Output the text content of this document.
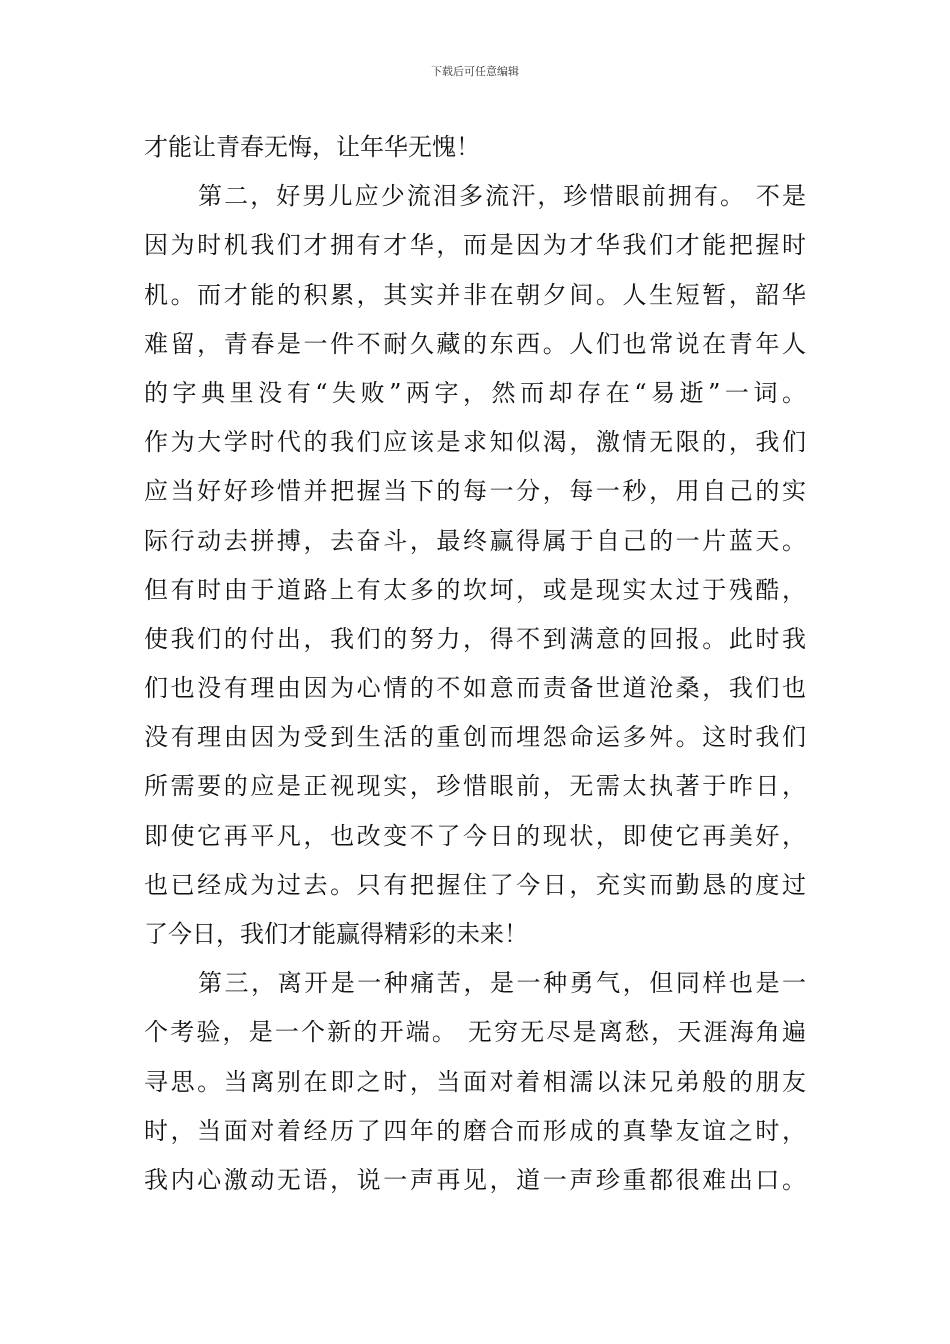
下载后可任意编辑
才能让青春无悔，让年华无愧！
第二，好男儿应少流泪多流汗，珍惜眼前拥有。 不是
因为时机我们才拥有才华，而是因为才华我们才能把握时
机。而才能的积累，其实并非在朝夕间。人生短暂，韶华
难留，青春是一件不耐久藏的东西。人们也常说在青年人
的字典里没有“失败”两字，然而却存在“易逝”一词。
作为大学时代的我们应该是求知似渴，激情无限的，我们
应当好好珍惜并把握当下的每一分，每一秒，用自己的实
际行动去拼搏，去奋斗，最终赢得属于自己的一片蓝天。
但有时由于道路上有太多的坎坷，或是现实太过于残酷，
使我们的付出，我们的努力，得不到满意的回报。此时我
们也没有理由因为心情的不如意而责备世道沧桑，我们也
没有理由因为受到生活的重创而埋怨命运多舛。这时我们
所需要的应是正视现实，珍惜眼前，无需太执著于昨日，
即使它再平凡，也改变不了今日的现状，即使它再美好，
也已经成为过去。只有把握住了今日，充实而勤恳的度过
了今日，我们才能赢得精彩的未来！
第三，离开是一种痛苦，是一种勇气，但同样也是一
个考验，是一个新的开端。 无穷无尽是离愁，天涯海角遍
寻思。当离别在即之时，当面对着相濡以沫兄弟般的朋友
时，当面对着经历了四年的磨合而形成的真挚友谊之时，
我内心激动无语，说一声再见，道一声珍重都很难出口。
